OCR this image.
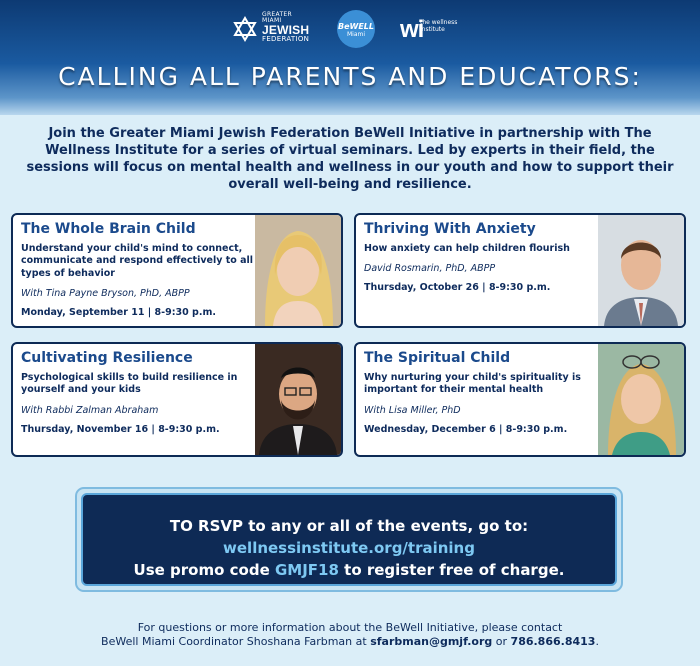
GREATER MIAMI
JEWISH
FEDERATION
BeWELL
Miami	wi
the wellness institute
CALLING ALL PARENTS AND EDUCATORS:
Join the Greater Miami Jewish Federation BeWell Initiative in partnership with The Wellness Institute for a series of virtual seminars. Led by experts in their field, the sessions will focus on mental health and wellness in our youth and how to support their overall well-being and resilience.

The Whole Brain Child

Understand your child's mind to connect, communicate and respond effectively to all types of behavior

With Tina Payne Bryson, PhD, ABPP

Monday, September 11 | 8-9:30 p.m.

Thriving With Anxiety

How anxiety can help children flourish

David Rosmarin, PhD, ABPP

Thursday, October 26 | 8-9:30 p.m.

Cultivating Resilience

Psychological skills to build resilience in yourself and your kids

With Rabbi Zalman Abraham

Thursday, November 16 | 8-9:30 p.m.

The Spiritual Child

Why nurturing your child's spirituality is important for their mental health

With Lisa Miller, PhD

Wednesday, December 6 | 8-9:30 p.m.

TO RSVP to any or all of the events, go to:
wellnessinstitute.org/training
Use promo code GMJF18 to register free of charge.
For questions or more information about the BeWell Initiative, please contact
BeWell Miami Coordinator Shoshana Farbman at sfarbman@gmjf.org or 786.866.8413.
